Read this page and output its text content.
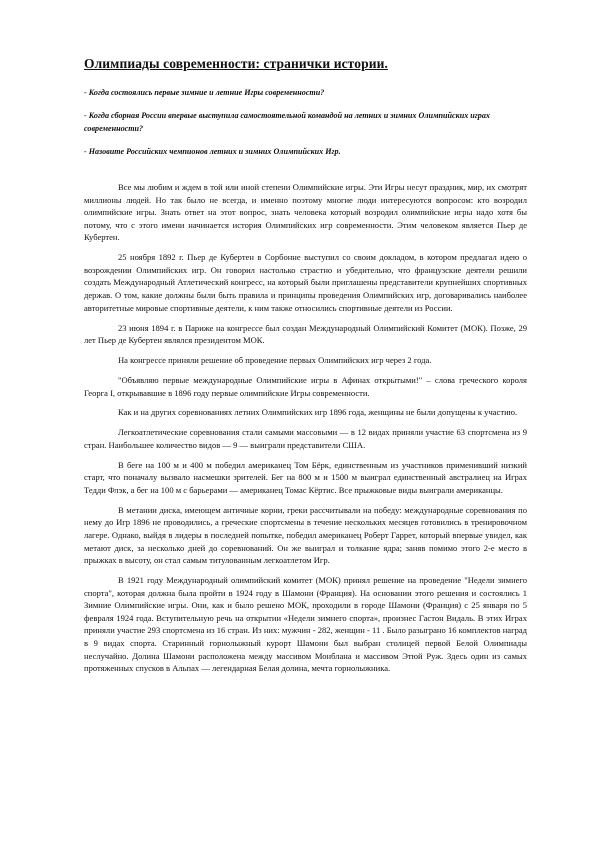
Олимпиады современности: странички истории.

- Когда состоялись первые зимние и летние Игры современности?

- Когда сборная России впервые выступила самостоятельной командой на летних и зимних Олимпийских играх современности?

- Назовите Российских чемпионов летних и зимних Олимпийских Игр.

Все мы любим и ждем в той или иной степени Олимпийские игры. Эти Игры несут праздник, мир, их смотрят миллионы людей. Но так было не всегда, и именно поэтому многие люди интересуются вопросом: кто возродил олимпийские игры. Знать ответ на этот вопрос, знать человека который возродил олимпийские игры надо хотя бы потому, что с этого имени начинается история Олимпийских игр современности. Этим человеком является Пьер де Кубертен.

25 ноября 1892 г. Пьер де Кубертен в Сорбонне выступил со своим докладом, в котором предлагал идею о возрождении Олимпийских игр. Он говорил настолько страстно и убедительно, что французские деятели решили создать Международный Атлетический конгресс, на который были приглашены представители крупнейших спортивных держав. О том, какие должны были быть правила и принципы проведения Олимпийских игр, договаривались наиболее авторитетные мировые спортивные деятели, к ним также относились спортивные деятели из России.

23 июня 1894 г. в Париже на конгрессе был создан Международный Олимпийский Комитет (МОК). Позже, 29 лет Пьер де Кубертен являлся президентом МОК.

На конгрессе приняли решение об проведение первых Олимпийских игр через 2 года.

"Объявляю первые международные Олимпийские игры в Афинах открытыми!" – слова греческого короля Георга I, открывавшие в 1896 году первые олимпийские Игры современности.

Как и на других соревнованиях летних Олимпийских игр 1896 года, женщины не были допущены к участию.

Легкоатлетические соревнования стали самыми массовыми — в 12 видах приняли участие 63 спортсмена из 9 стран. Наибольшее количество видов — 9 — выиграли представители США.

В беге на 100 м и 400 м победил американец Том Бёрк, единственным из участников применивший низкий старт, что поначалу вызвало насмешки зрителей. Бег на 800 м и 1500 м выиграл единственный австралиец на Играх Тедди Флэк, а бег на 100 м с барьерами — американец Томас Кёртис. Все прыжковые виды выиграли американцы.

В метании диска, имеющем античные корни, греки рассчитывали на победу: международные соревнования по нему до Игр 1896 не проводились, а греческие спортсмены в течение нескольких месяцев готовились в тренировочном лагере. Однако, выйдя в лидеры в последней попытке, победил американец Роберт Гаррет, который впервые увидел, как метают диск, за несколько дней до соревнований. Он же выиграл и толкание ядра; заняв помимо этого 2-е место в прыжках в высоту, он стал самым титулованным легкоатлетом Игр.

В 1921 году Международный олимпийский комитет (МОК) принял решение на проведение "Недели зимнего спорта", которая должна была пройти в 1924 году в Шамони (Франция). На основании этого решения и состоялись 1 Зимние Олимпийские игры. Они, как и было решено МОК, проходили в городе Шамони (Франция) с 25 января по 5 февраля 1924 года. Вступительную речь на открытии «Недели зимнего спорта», произнес Гастон Видаль. В этих Играх приняли участие 293 спортсмена из 16 стран. Из них: мужчин - 282, женщин - 11 . Было разыграно 16 комплектов наград в 9 видах спорта. Старинный горнолыжный курорт Шамони был выбран столицей первой Белой Олимпиады неслучайно. Долина Шамони расположена между массивом Монблана и массивом Этюй Руж. Здесь один из самых протяженных спусков в Альпах — легендарная Белая долина, мечта горнолыжника.
